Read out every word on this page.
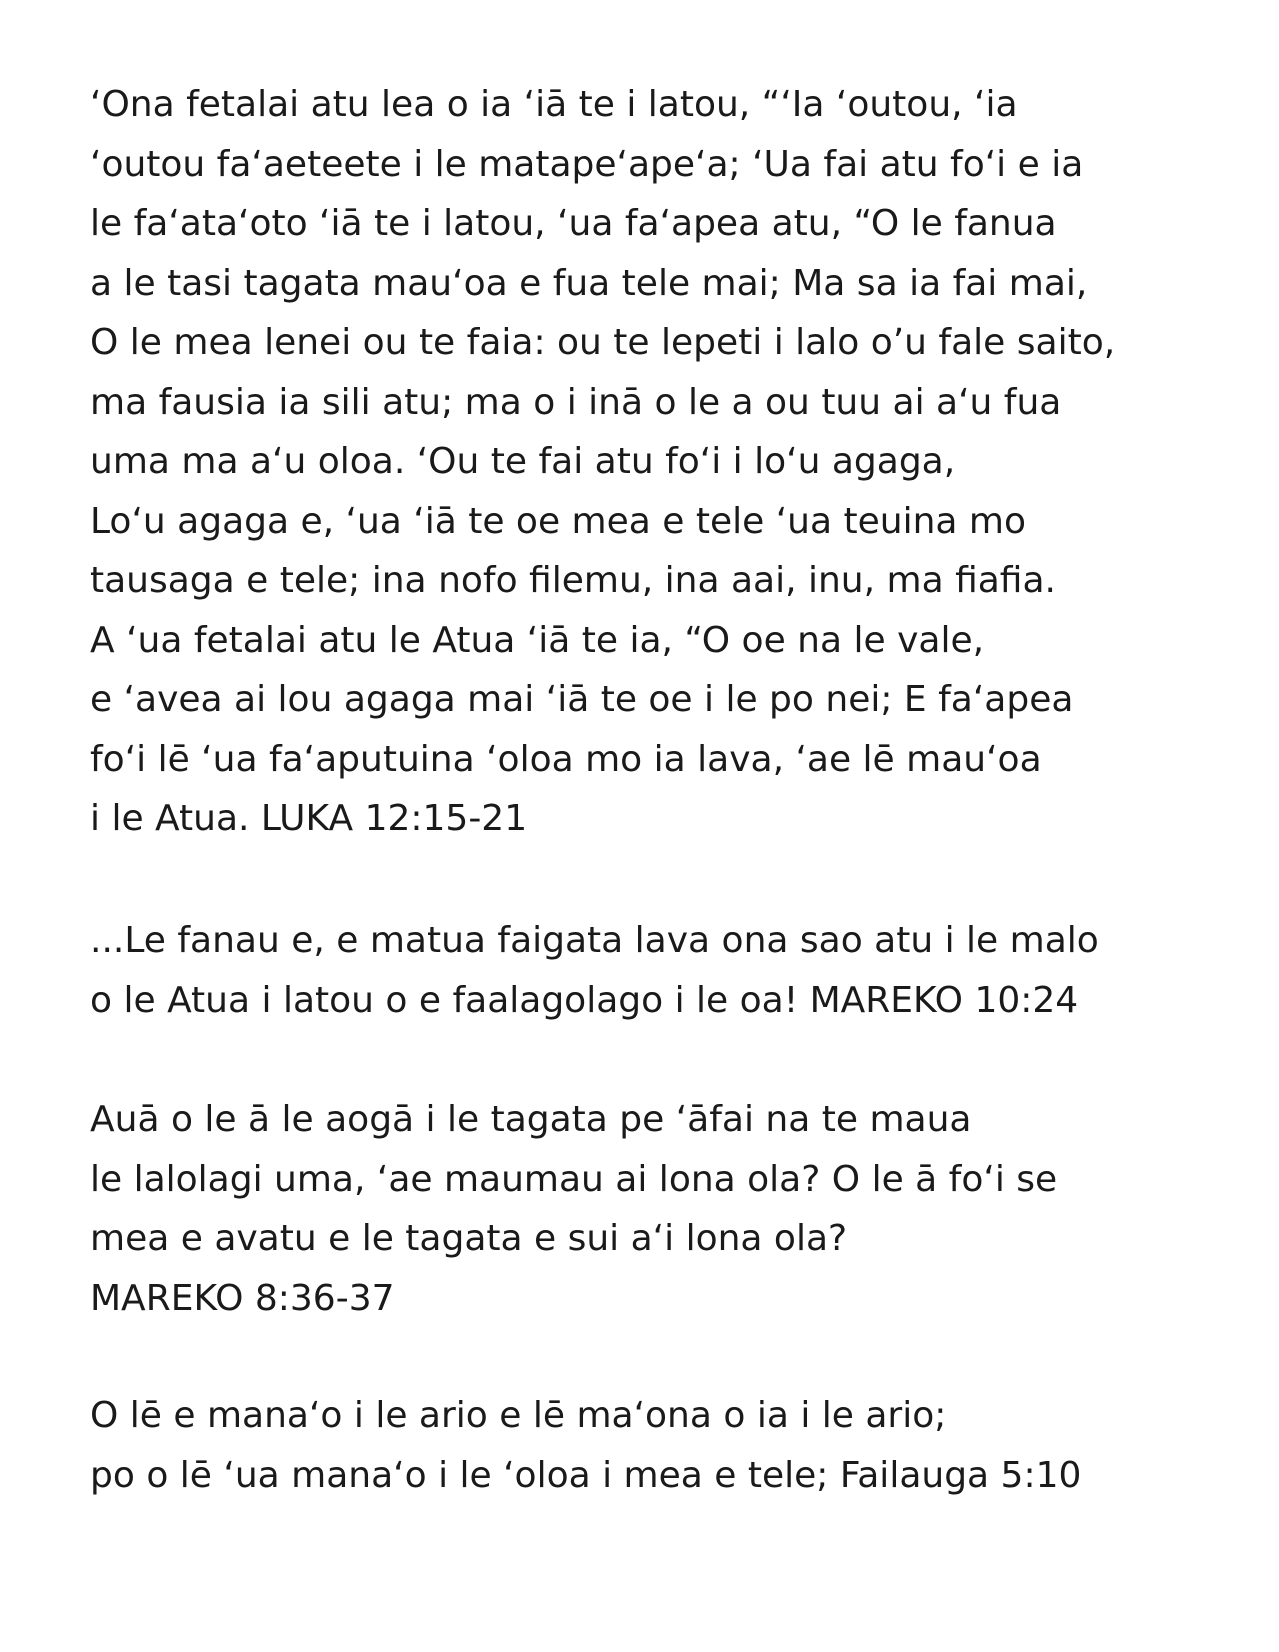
‘Ona fetalai atu lea o ia ‘iā te i latou, “‘Ia ‘outou, ‘ia
‘outou fa‘aeteete i le matape‘ape‘a; ‘Ua fai atu fo‘i e ia
le fa‘ata‘oto ‘iā te i latou, ‘ua fa‘apea atu, “O le fanua
a le tasi tagata mau‘oa e fua tele mai; Ma sa ia fai mai,
O le mea lenei ou te faia: ou te lepeti i lalo o’u fale saito,
ma fausia ia sili atu; ma o i inā o le a ou tuu ai a‘u fua
uma ma a‘u oloa. ‘Ou te fai atu fo‘i i lo‘u agaga,
Lo‘u agaga e, ‘ua ‘iā te oe mea e tele ‘ua teuina mo
tausaga e tele; ina nofo filemu, ina aai, inu, ma fiafia.
A ‘ua fetalai atu le Atua ‘iā te ia, “O oe na le vale,
e ‘avea ai lou agaga mai ‘iā te oe i le po nei; E fa‘apea
fo‘i lē ‘ua fa‘aputuina ‘oloa mo ia lava, ‘ae lē mau‘oa
i le Atua. LUKA 12:15-21

...Le fanau e, e matua faigata lava ona sao atu i le malo
o le Atua i latou o e faalagolago i le oa! MAREKO 10:24

Auā o le ā le aogā i le tagata pe ‘āfai na te maua
le lalolagi uma, ‘ae maumau ai lona ola? O le ā fo‘i se
mea e avatu e le tagata e sui a‘i lona ola?
MAREKO 8:36-37

O lē e mana‘o i le ario e lē ma‘ona o ia i le ario;
po o lē ‘ua mana‘o i le ‘oloa i mea e tele; Failauga 5:10
